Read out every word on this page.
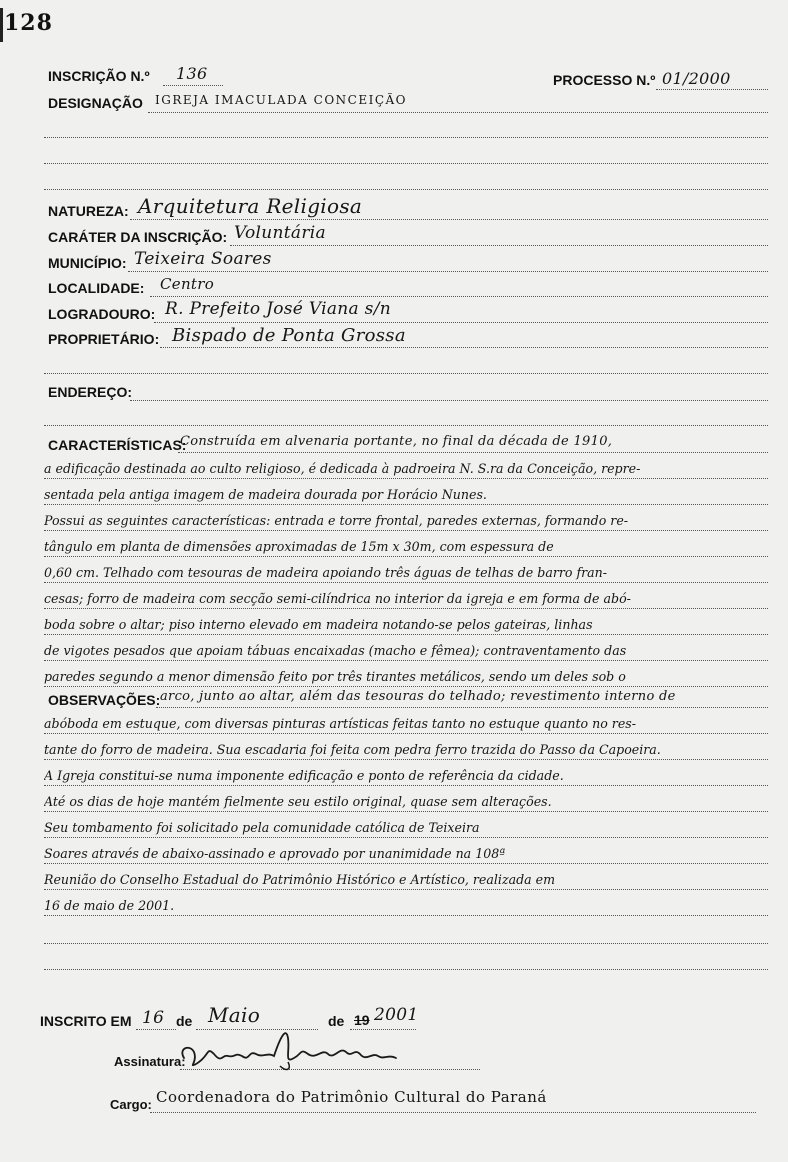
128
INSCRIÇÃO N.º 136	PROCESSO N.º 01/2000
DESIGNAÇÃO IGREJA IMACULADA CONCEIÇÃO
NATUREZA: Arquitetura Religiosa
CARÁTER DA INSCRIÇÃO: Voluntária
MUNICÍPIO: Teixeira Soares
LOCALIDADE: Centro
LOGRADOURO: R. Prefeito José Viana s/n
PROPRIETÁRIO: Bispado de Ponta Grossa
ENDEREÇO:
CARACTERÍSTICAS:
Construída em alvenaria portante, no final da década de 1910,
a edificação destinada ao culto religioso, é dedicada à padroeira N. S.ra da Conceição, repre-
sentada pela antiga imagem de madeira dourada por Horácio Nunes.
Possui as seguintes características: entrada e torre frontal, paredes externas, formando re-
tângulo em planta de dimensões aproximadas de 15m x 30m, com espessura de
0,60 cm. Telhado com tesouras de madeira apoiando três águas de telhas de barro fran-
cesas; forro de madeira com secção semi-cilíndrica no interior da igreja e em forma de abó-
boda sobre o altar; piso interno elevado em madeira notando-se pelos gateiras, linhas
de vigotes pesados que apoiam tábuas encaixadas (macho e fêmea); contraventamento das
paredes segundo a menor dimensão feito por três tirantes metálicos, sendo um deles sob o
OBSERVAÇÕES: arco, junto ao altar, além das tesouras do telhado; revestimento interno de
abóboda em estuque, com diversas pinturas artísticas feitas tanto no estuque quanto no res-
tante do forro de madeira. Sua escadaria foi feita com pedra ferro trazida do Passo da Capoeira.
A Igreja constitui-se numa imponente edificação e ponto de referência da cidade.
Até os dias de hoje mantém fielmente seu estilo original, quase sem alterações.
Seu tombamento foi solicitado pela comunidade católica de Teixeira
Soares através de abaixo-assinado e aprovado por unanimidade na 108ª
Reunião do Conselho Estadual do Patrimônio Histórico e Artístico, realizada em
16 de maio de 2001.
INSCRITO EM 16 de Maio	de 19 2001
Assinatura:
Cargo: Coordenadora do Patrimônio Cultural do Paraná
